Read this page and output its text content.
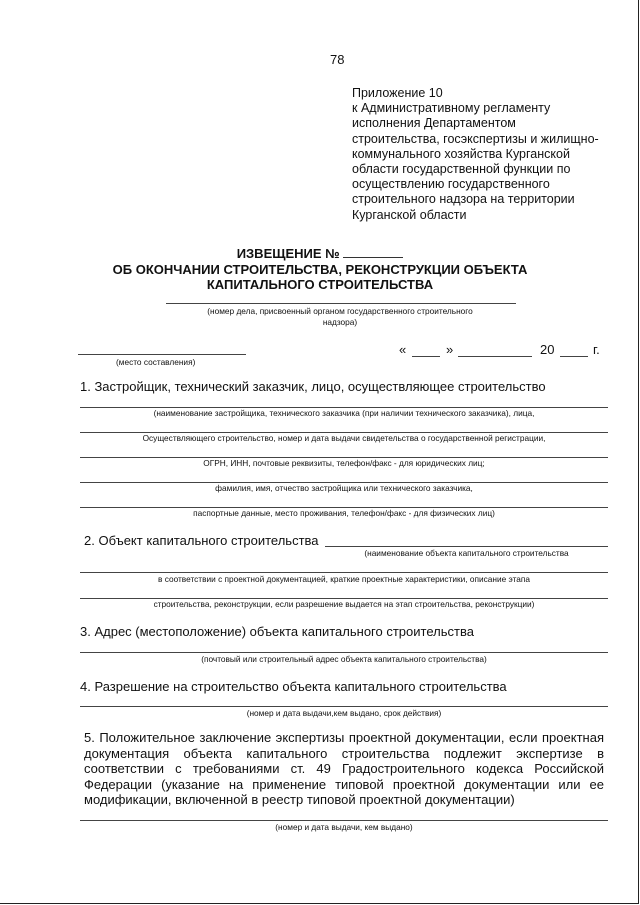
78
Приложение 10
к Административному регламенту
исполнения Департаментом
строительства, госэкспертизы и жилищно-
коммунального хозяйства Курганской
области государственной функции по
осуществлению государственного
строительного надзора на территории
Курганской области
ИЗВЕЩЕНИЕ №
ОБ ОКОНЧАНИИ СТРОИТЕЛЬСТВА, РЕКОНСТРУКЦИИ ОБЪЕКТА
КАПИТАЛЬНОГО СТРОИТЕЛЬСТВА
(номер дела, присвоенный органом государственного строительного
надзора)
(место составления)
«	»	20	г.
1. Застройщик, технический заказчик, лицо, осуществляющее строительство
(наименование застройщика, технического заказчика (при наличии технического заказчика), лица,
Осуществляющего строительство, номер и дата выдачи свидетельства о государственной регистрации,
ОГРН, ИНН, почтовые реквизиты, телефон/факс - для юридических лиц;
фамилия, имя, отчество застройщика или технического заказчика,
паспортные данные, место проживания, телефон/факс - для физических лиц)
2. Объект капитального строительства
(наименование объекта капитального строительства
в соответствии с проектной документацией, краткие проектные характеристики, описание этапа
строительства, реконструкции, если разрешение выдается на этап строительства, реконструкции)
3. Адрес (местоположение) объекта капитального строительства
(почтовый или строительный адрес объекта капитального строительства)
4. Разрешение на строительство объекта капитального строительства
(номер и дата выдачи,кем выдано, срок действия)

5. Положительное заключение экспертизы проектной документации, если проектная

документация объекта капитального строительства подлежит экспертизе в

соответствии с требованиями ст. 49 Градостроительного кодекса Российской

Федерации (указание на применение типовой проектной документации или ее

модификации, включенной в реестр типовой проектной документации)

(номер и дата выдачи, кем выдано)
